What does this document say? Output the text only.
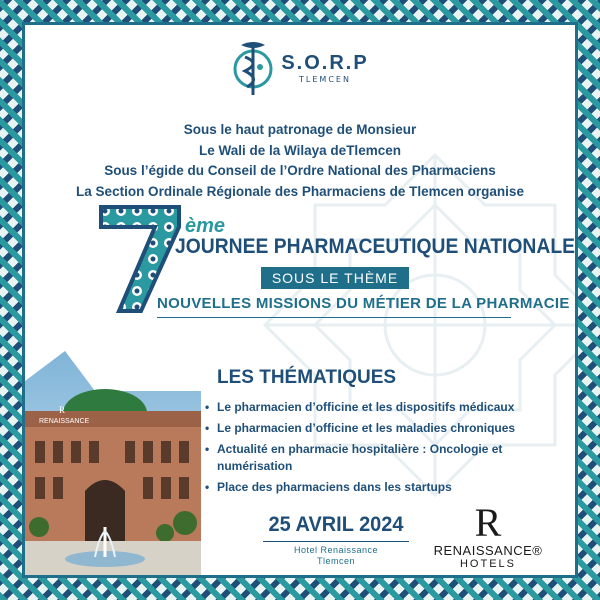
S.O.R.P
TLEMCEN
Sous le haut patronage de Monsieur
Le Wali de la Wilaya deTlemcen
Sous l’égide du Conseil de l’Ordre National des Pharmaciens
La Section Ordinale Régionale des Pharmaciens de Tlemcen organise
7
ème
JOURNEE PHARMACEUTIQUE NATIONALE
SOUS LE THÈME
NOUVELLES MISSIONS DU MÉTIER DE LA PHARMACIE
RENAISSANCE
R
LES THÉMATIQUES
• Le pharmacien d’officine et les dispositifs médicaux
• Le pharmacien d’officine et les maladies chroniques
• Actualité en pharmacie hospitalière : Oncologie et numérisation
• Place des pharmaciens dans les startups
25 AVRIL 2024
Hotel Renaissance
Tlemcen
R
RENAISSANCE®
HOTELS
